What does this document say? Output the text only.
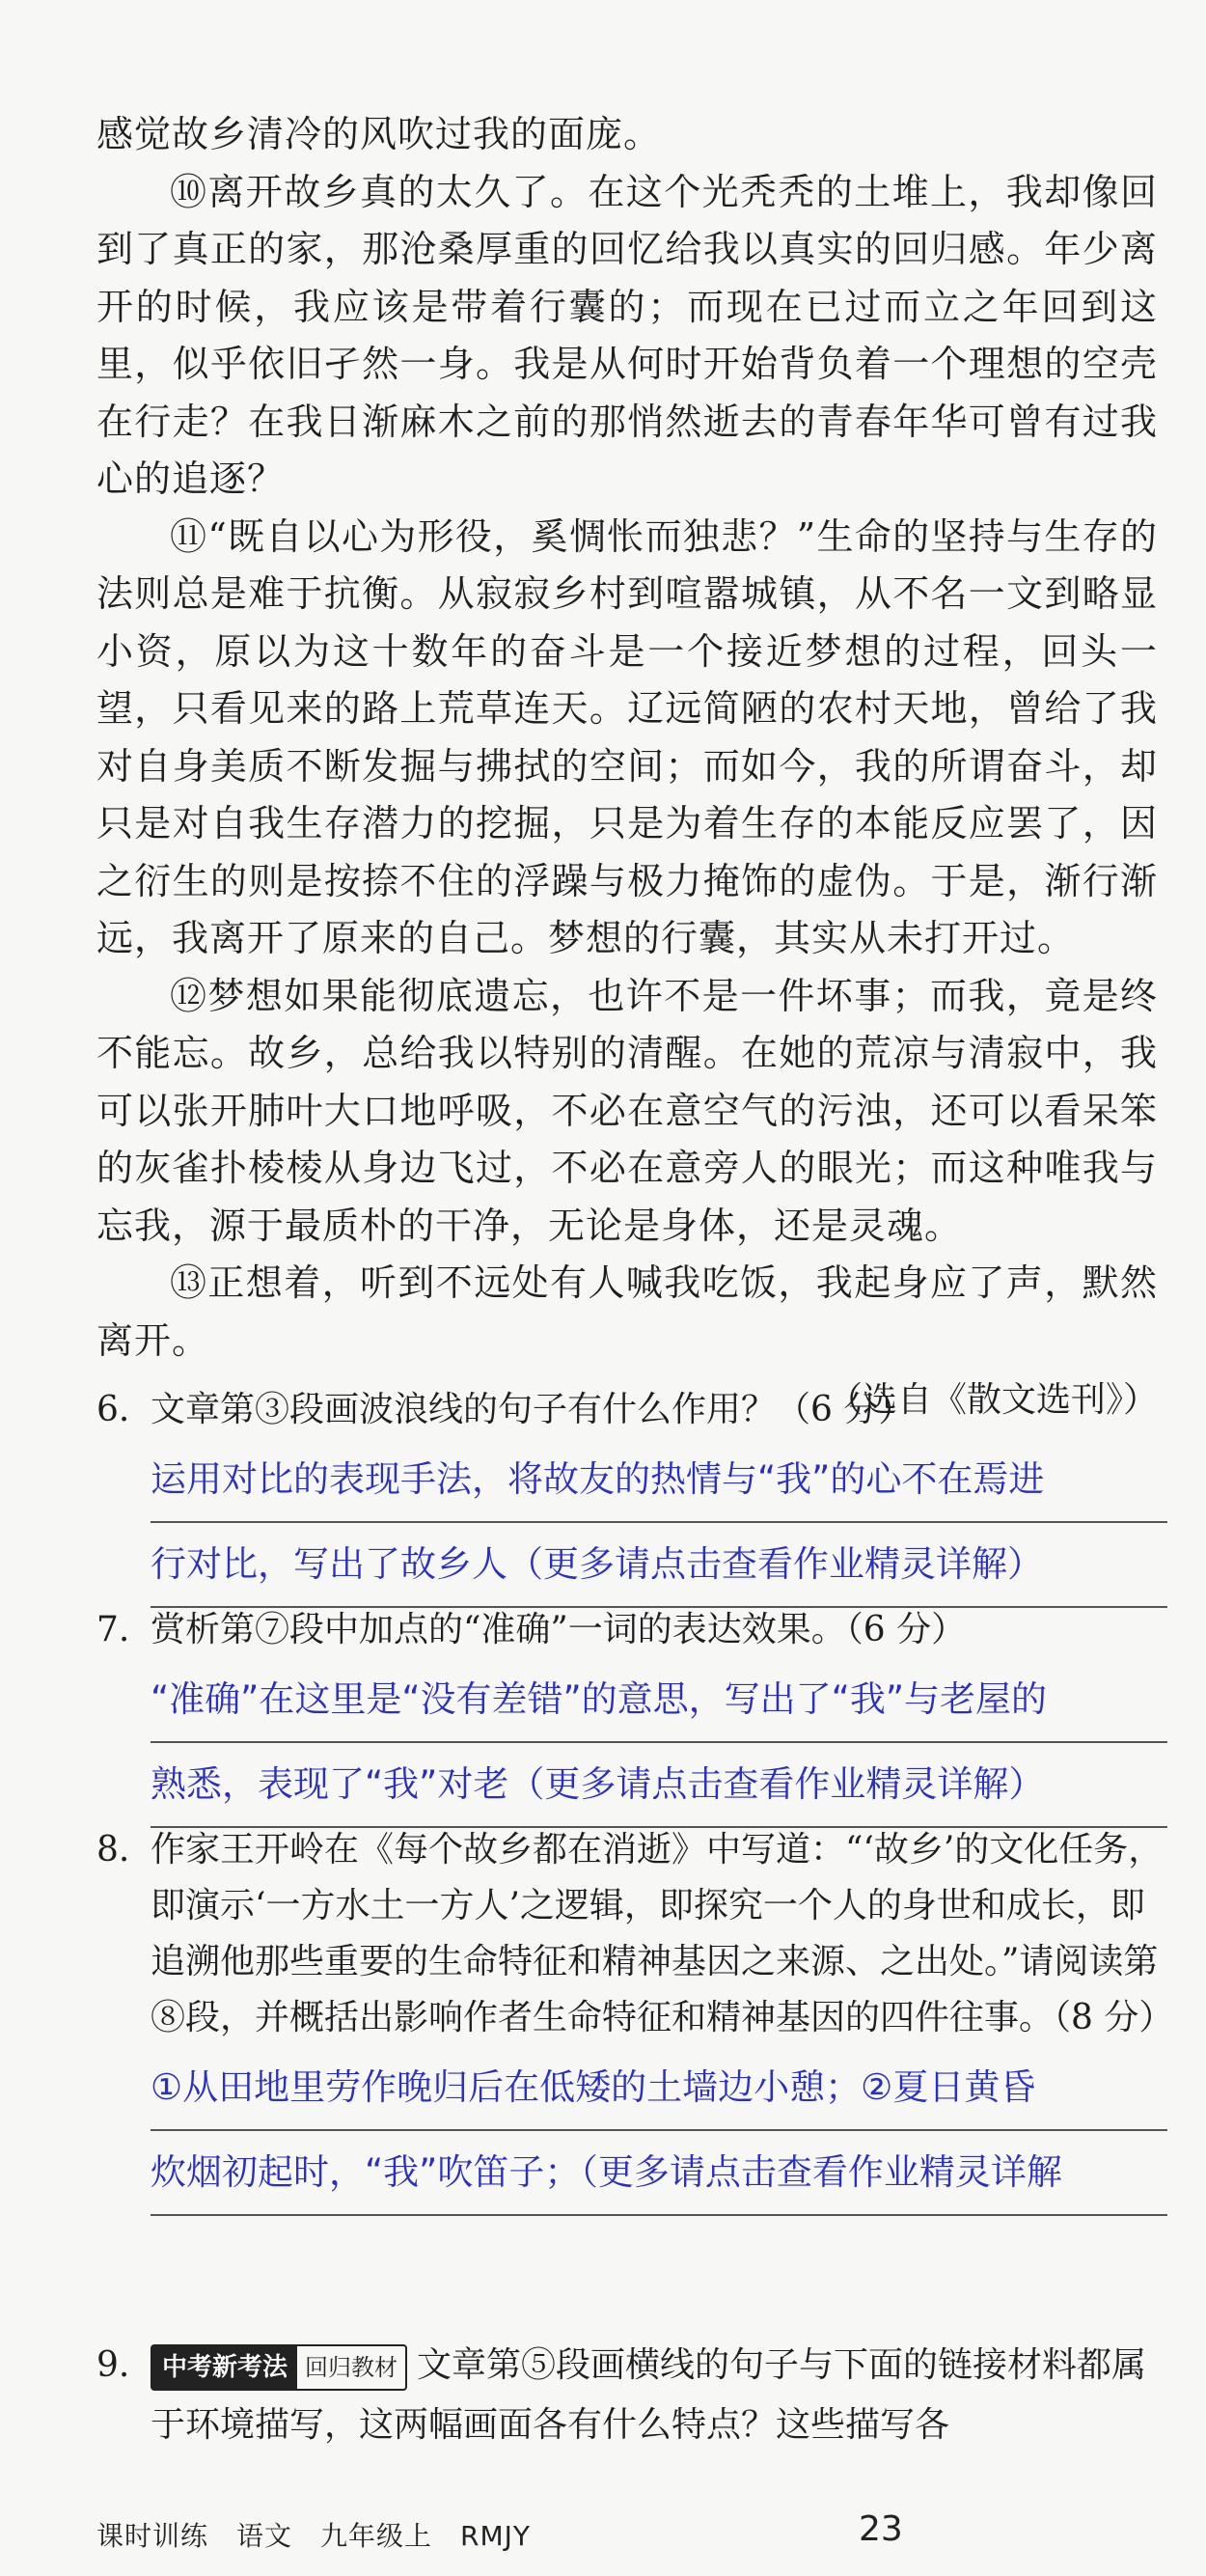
感觉故乡清冷的风吹过我的面庞。

⑩离开故乡真的太久了。在这个光秃秃的土堆上，我却像回到了真正的家，那沧桑厚重的回忆给我以真实的回归感。年少离开的时候，我应该是带着行囊的；而现在已过而立之年回到这里，似乎依旧孑然一身。我是从何时开始背负着一个理想的空壳在行走？在我日渐麻木之前的那悄然逝去的青春年华可曾有过我心的追逐？

⑪“既自以心为形役，奚惆怅而独悲？”生命的坚持与生存的法则总是难于抗衡。从寂寂乡村到喧嚣城镇，从不名一文到略显小资，原以为这十数年的奋斗是一个接近梦想的过程，回头一望，只看见来的路上荒草连天。辽远简陋的农村天地，曾给了我对自身美质不断发掘与拂拭的空间；而如今，我的所谓奋斗，却只是对自我生存潜力的挖掘，只是为着生存的本能反应罢了，因之衍生的则是按捺不住的浮躁与极力掩饰的虚伪。于是，渐行渐远，我离开了原来的自己。梦想的行囊，其实从未打开过。

⑫梦想如果能彻底遗忘，也许不是一件坏事；而我，竟是终不能忘。故乡，总给我以特别的清醒。在她的荒凉与清寂中，我可以张开肺叶大口地呼吸，不必在意空气的污浊，还可以看呆笨的灰雀扑棱棱从身边飞过，不必在意旁人的眼光；而这种唯我与忘我，源于最质朴的干净，无论是身体，还是灵魂。

⑬正想着，听到不远处有人喊我吃饭，我起身应了声，默然离开。

（选自《散文选刊》）

6. 文章第③段画波浪线的句子有什么作用？（6 分）

运用对比的表现手法，将故友的热情与“我”的心不在焉进
行对比，写出了故乡人（更多请点击查看作业精灵详解）

7. 赏析第⑦段中加点的“准确”一词的表达效果。（6 分）

“准确”在这里是“没有差错”的意思，写出了“我”与老屋的
熟悉，表现了“我”对老（更多请点击查看作业精灵详解）

8. 作家王开岭在《每个故乡都在消逝》中写道：“‘故乡’的文化任务，即演示‘一方水土一方人’之逻辑，即探究一个人的身世和成长，即追溯他那些重要的生命特征和精神基因之来源、之出处。”请阅读第⑧段，并概括出影响作者生命特征和精神基因的四件往事。（8 分）

①从田地里劳作晚归后在低矮的土墙边小憩；②夏日黄昏
炊烟初起时，“我”吹笛子；（更多请点击查看作业精灵详解

9.	中考新考法 回归教材 文章第⑤段画横线的句子与下面的链接材料都属于环境描写，这两幅画面各有什么特点？这些描写各

课时训练　语文　九年级上　RMJY	23
